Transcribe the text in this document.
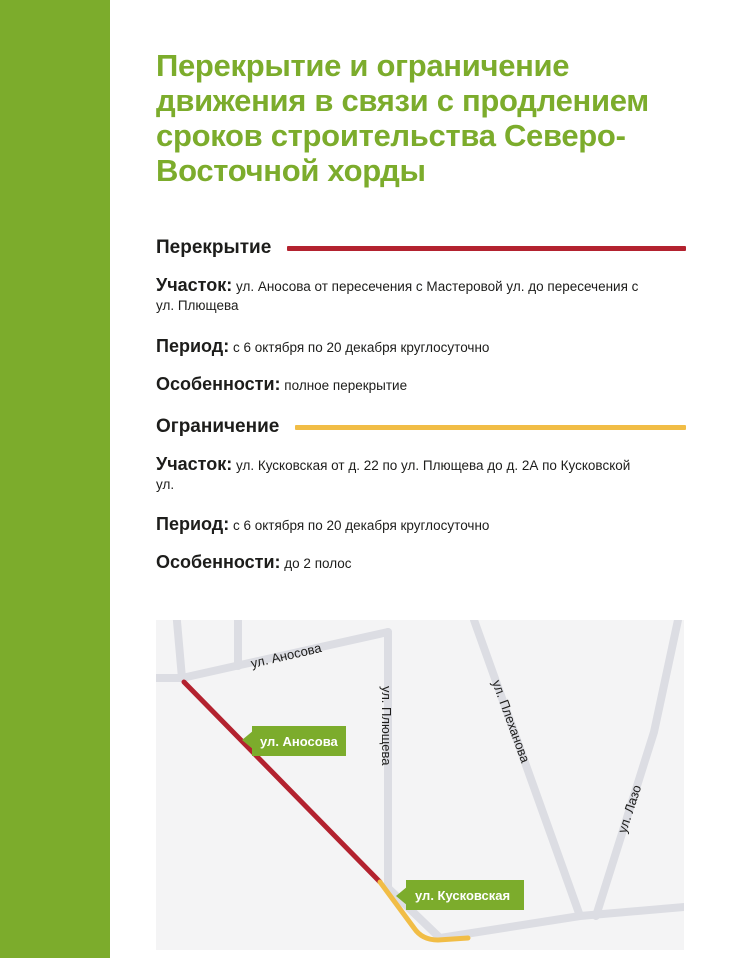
Перекрытие и ограничение движения в связи с продлением сроков строительства Северо-Восточной хорды
Перекрытие

Участок: ул. Аносова от пересечения с Мастеровой ул. до пересечения с ул. Плющева

Период: с 6 октября по 20 декабря круглосуточно

Особенности: полное перекрытие

Ограничение

Участок: ул. Кусковская от д. 22 по ул. Плющева до д. 2А по Кусковской ул.

Период: с 6 октября по 20 декабря круглосуточно

Особенности: до 2 полос

ул. Аносова
ул. Плющева	ул. Плеханова
ул. Лазо
ул. Аносова
ул. Кусковская
